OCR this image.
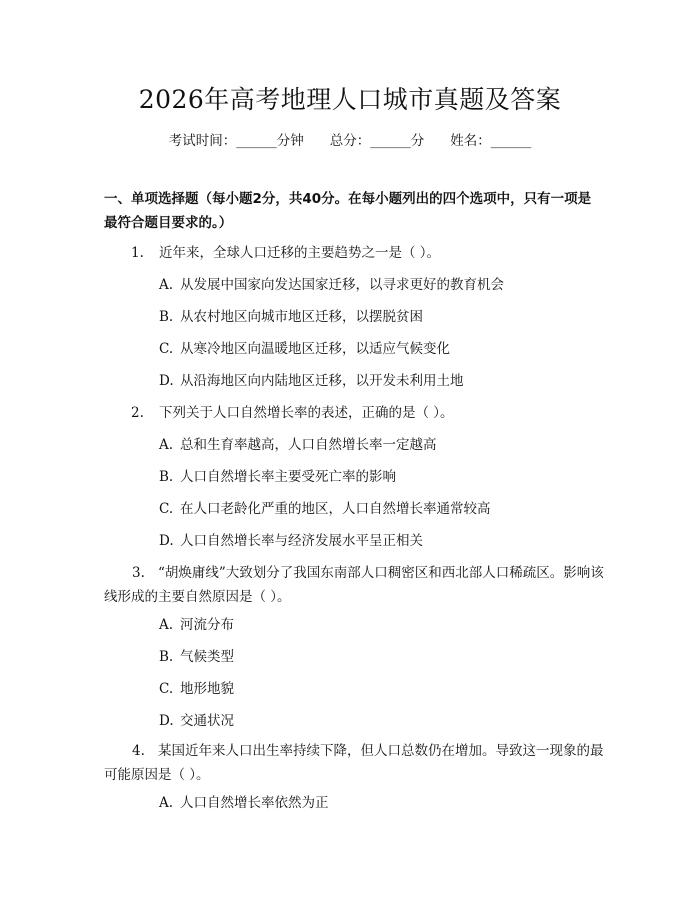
2026年高考地理人口城市真题及答案
考试时间：______分钟 总分：______分 姓名：______
一、单项选择题（每小题2分，共40分。在每小题列出的四个选项中，只有一项是最符合题目要求的。）
1. 近年来，全球人口迁移的主要趋势之一是（ ）。
A. 从发展中国家向发达国家迁移，以寻求更好的教育机会
B. 从农村地区向城市地区迁移，以摆脱贫困
C. 从寒冷地区向温暖地区迁移，以适应气候变化
D. 从沿海地区向内陆地区迁移，以开发未利用土地
2. 下列关于人口自然增长率的表述，正确的是（ ）。
A. 总和生育率越高，人口自然增长率一定越高
B. 人口自然增长率主要受死亡率的影响
C. 在人口老龄化严重的地区，人口自然增长率通常较高
D. 人口自然增长率与经济发展水平呈正相关
3. “胡焕庸线”大致划分了我国东南部人口稠密区和西北部人口稀疏区。影响该线形成的主要自然原因是（ ）。
A. 河流分布
B. 气候类型
C. 地形地貌
D. 交通状况
4. 某国近年来人口出生率持续下降，但人口总数仍在增加。导致这一现象的最可能原因是（ ）。
A. 人口自然增长率依然为正
